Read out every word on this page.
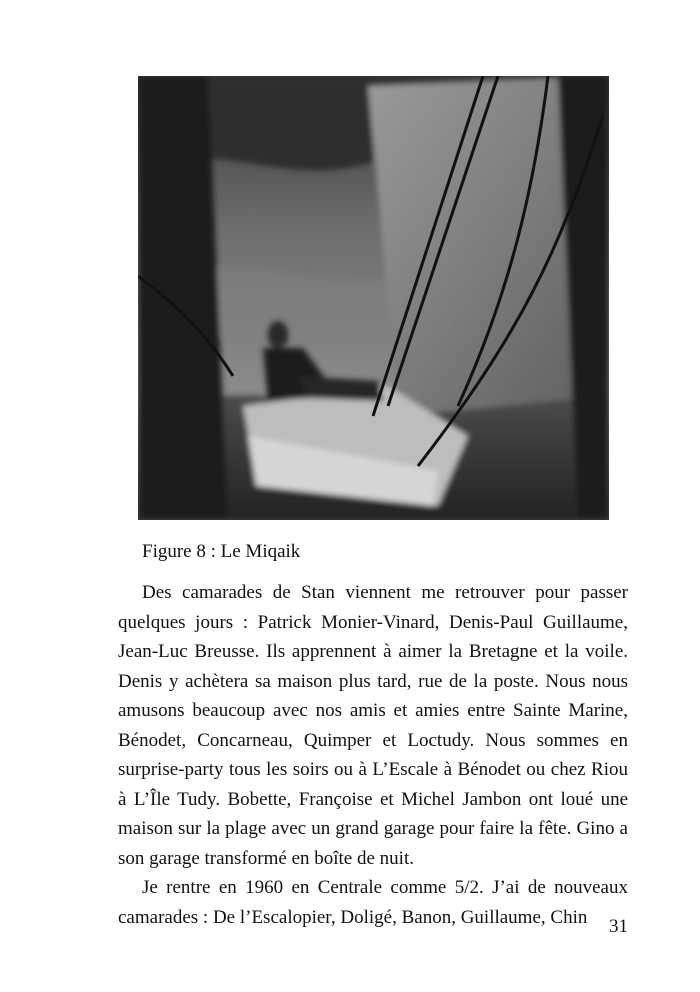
Figure 8 : Le Miqaik

Des camarades de Stan viennent me retrouver pour passer quelques jours : Patrick Monier-Vinard, Denis-Paul Guillaume, Jean-Luc Breusse. Ils apprennent à aimer la Bretagne et la voile. Denis y achètera sa maison plus tard, rue de la poste. Nous nous amusons beaucoup avec nos amis et amies entre Sainte Marine, Bénodet, Concarneau, Quimper et Loctudy. Nous sommes en surprise-party tous les soirs ou à L’Escale à Bénodet ou chez Riou à L’Île Tudy. Bobette, Françoise et Michel Jambon ont loué une maison sur la plage avec un grand garage pour faire la fête. Gino a son garage transformé en boîte de nuit.

Je rentre en 1960 en Centrale comme 5/2. J’ai de nouveaux camarades : De l’Escalopier, Doligé, Banon, Guillaume, Chin	31
